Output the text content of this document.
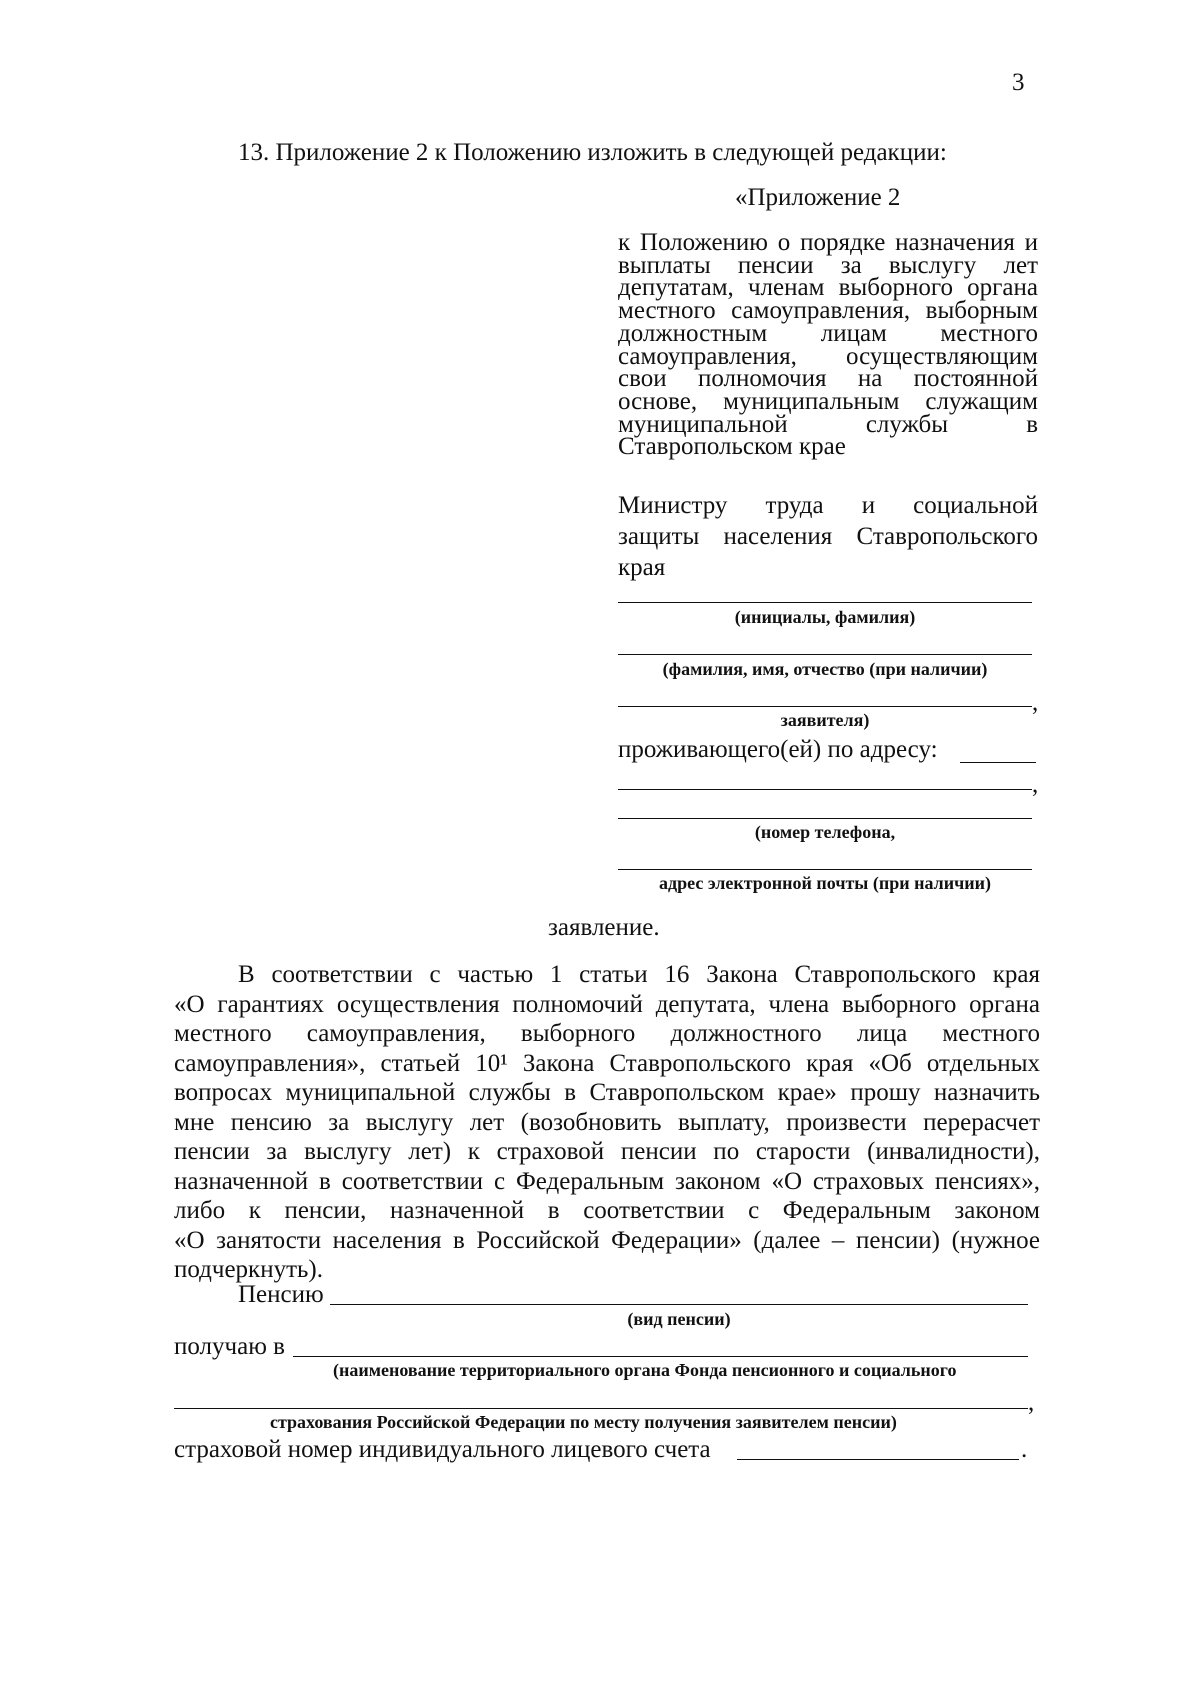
3
13. Приложение 2 к Положению изложить в следующей редакции:
«Приложение 2
к Положению о порядке назначения и
выплаты пенсии за выслугу лет
депутатам, членам выборного органа
местного самоуправления, выборным
должностным лицам местного
самоуправления, осуществляющим
свои полномочия на постоянной
основе, муниципальным служащим
муниципальной службы в
Ставропольском крае
Министру труда и социальной
защиты населения Ставропольского
края
(инициалы, фамилия)
(фамилия, имя, отчество (при наличии)
,
заявителя)
проживающего(ей) по адресу:
,
(номер телефона,
адрес электронной почты (при наличии)
заявление.
В соответствии с частью 1 статьи 16 Закона Ставропольского края
«О гарантиях осуществления полномочий депутата, члена выборного органа
местного самоуправления, выборного должностного лица местного
самоуправления», статьей 10¹ Закона Ставропольского края «Об отдельных
вопросах муниципальной службы в Ставропольском крае» прошу назначить
мне пенсию за выслугу лет (возобновить выплату, произвести перерасчет
пенсии за выслугу лет) к страховой пенсии по старости (инвалидности),
назначенной в соответствии с Федеральным законом «О страховых пенсиях»,
либо к пенсии, назначенной в соответствии с Федеральным законом
«О занятости населения в Российской Федерации» (далее – пенсии) (нужное
подчеркнуть).
Пенсию
(вид пенсии)
получаю в
(наименование территориального органа Фонда пенсионного и социального
,
страхования Российской Федерации по месту получения заявителем пенсии)
страховой номер индивидуального лицевого счета	.
